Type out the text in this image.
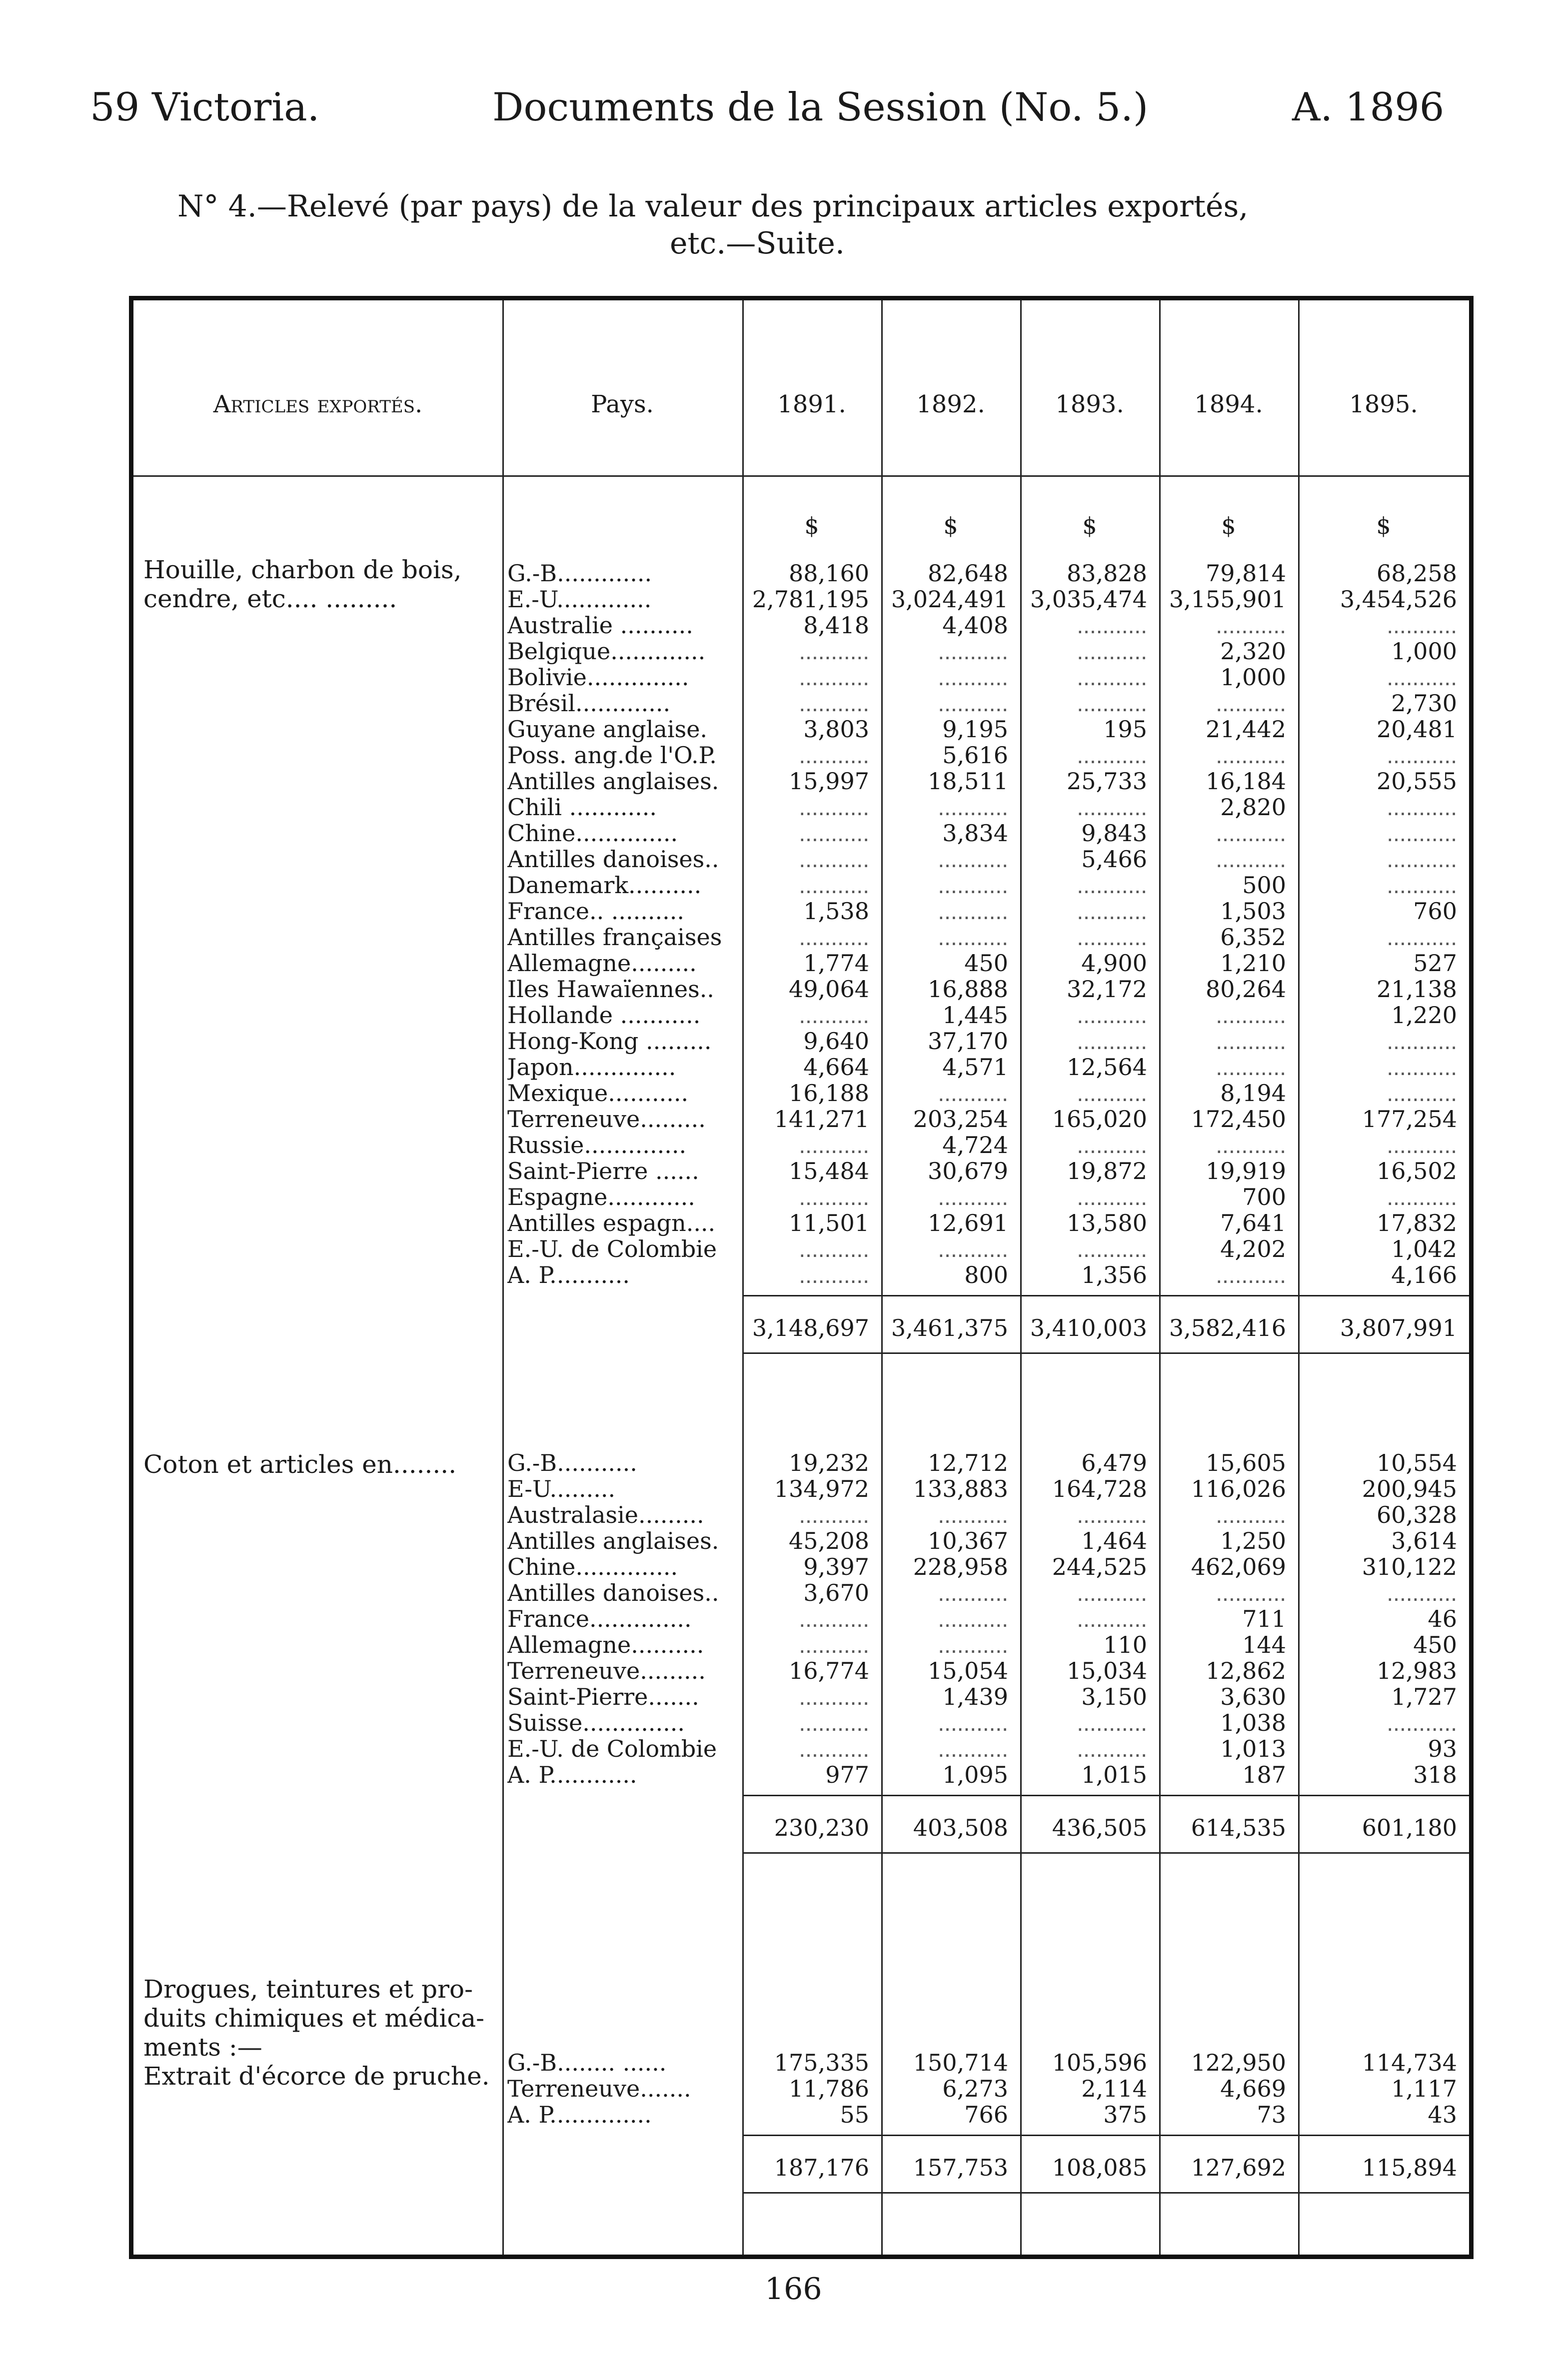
59 Victoria.	Documents de la Session (No. 5.)	A. 1896
N° 4.—Relevé (par pays) de la valeur des principaux articles exportés,
etc.—Suite.
Articles exportés.	Pays.	1891.	1892.	1893.	1894.	1895.
$	$	$	$	$
Houille, charbon de bois,
cendre, etc.... .........
G.-B.............	88,160	82,648	83,828	79,814	68,258
E.-U.............	2,781,195 3,024,491 3,035,474 3,155,901	3,454,526
Australie ..........	8,418	4,408	...........	...........	...........
Belgique.............	...........	...........	...........	2,320	1,000
Bolivie..............	...........	...........	...........	1,000	...........
Brésil.............	...........	...........	...........	...........	2,730
Guyane anglaise.	3,803	9,195	195	21,442	20,481
Poss. ang.de l'O.P.	...........	5,616	...........	...........	...........
Antilles anglaises.	15,997	18,511	25,733	16,184	20,555
Chili ............	...........	...........	...........	2,820	...........
Chine..............	...........	3,834	9,843	...........	...........
Antilles danoises..	...........	...........	5,466	...........	...........
Danemark..........	...........	...........	...........	500	...........
France.. ..........	1,538	...........	...........	1,503	760
Antilles françaises	...........	...........	...........	6,352	...........
Allemagne.........	1,774	450	4,900	1,210	527
Iles Hawaïennes..	49,064	16,888	32,172	80,264	21,138
Hollande ...........	...........	1,445	...........	...........	1,220
Hong-Kong .........	9,640	37,170	...........	...........	...........
Japon..............	4,664	4,571	12,564	...........	...........
Mexique...........	16,188	...........	...........	8,194	...........
Terreneuve.........	141,271	203,254	165,020	172,450	177,254
Russie..............	...........	4,724	...........	...........	...........
Saint-Pierre ......	15,484	30,679	19,872	19,919	16,502
Espagne............	...........	...........	...........	700	...........
Antilles espagn....	11,501	12,691	13,580	7,641	17,832
E.-U. de Colombie	...........	...........	...........	4,202	1,042
A. P...........	...........	800	1,356	...........	4,166
3,148,697 3,461,375 3,410,003 3,582,416	3,807,991
Coton et articles en........	G.-B...........	19,232	12,712	6,479	15,605	10,554
E-U.........	134,972	133,883	164,728	116,026	200,945
Australasie.........	...........	...........	...........	...........	60,328
Antilles anglaises.	45,208	10,367	1,464	1,250	3,614
Chine..............	9,397	228,958	244,525	462,069	310,122
Antilles danoises..	3,670	...........	...........	...........	...........
France..............	...........	...........	...........	711	46
Allemagne..........	...........	...........	110	144	450
Terreneuve.........	16,774	15,054	15,034	12,862	12,983
Saint-Pierre.......	...........	1,439	3,150	3,630	1,727
Suisse..............	...........	...........	...........	1,038	...........
E.-U. de Colombie	...........	...........	...........	1,013	93
A. P............	977	1,095	1,015	187	318
230,230	403,508	436,505	614,535	601,180
Drogues, teintures et pro-
duits chimiques et médica-
ments :—
Extrait d'écorce de pruche. G.-B........ ......	175,335	150,714	105,596	122,950	114,734
Terreneuve.......	11,786	6,273	2,114	4,669	1,117
A. P..............	55	766	375	73	43
187,176	157,753	108,085	127,692	115,894
166
